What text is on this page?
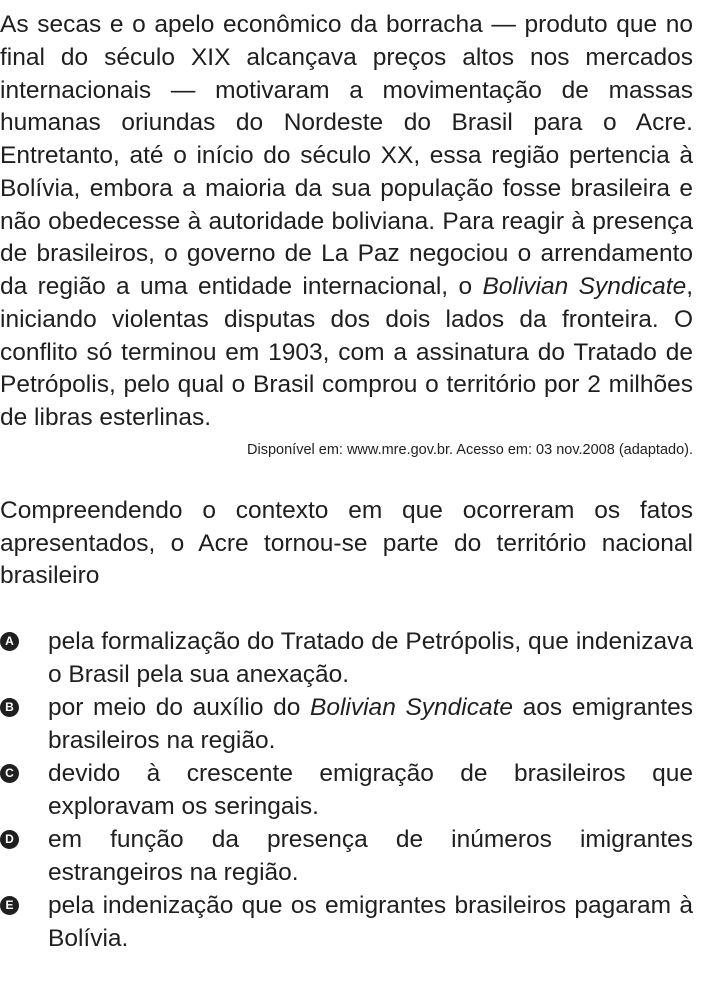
As secas e o apelo econômico da borracha — produto que no final do século XIX alcançava preços altos nos mercados internacionais — motivaram a movimentação de massas humanas oriundas do Nordeste do Brasil para o Acre. Entretanto, até o início do século XX, essa região pertencia à Bolívia, embora a maioria da sua população fosse brasileira e não obedecesse à autoridade boliviana. Para reagir à presença de brasileiros, o governo de La Paz negociou o arrendamento da região a uma entidade internacional, o Bolivian Syndicate, iniciando violentas disputas dos dois lados da fronteira. O conflito só terminou em 1903, com a assinatura do Tratado de Petrópolis, pelo qual o Brasil comprou o território por 2 milhões de libras esterlinas.

Disponível em: www.mre.gov.br. Acesso em: 03 nov.2008 (adaptado).

Compreendendo o contexto em que ocorreram os fatos apresentados, o Acre tornou-se parte do território nacional brasileiro

A pela formalização do Tratado de Petrópolis, que indenizava o Brasil pela sua anexação.
B por meio do auxílio do Bolivian Syndicate aos emigrantes brasileiros na região.
C devido à crescente emigração de brasileiros que exploravam os seringais.
D em função da presença de inúmeros imigrantes estrangeiros na região.
E pela indenização que os emigrantes brasileiros pagaram à Bolívia.
